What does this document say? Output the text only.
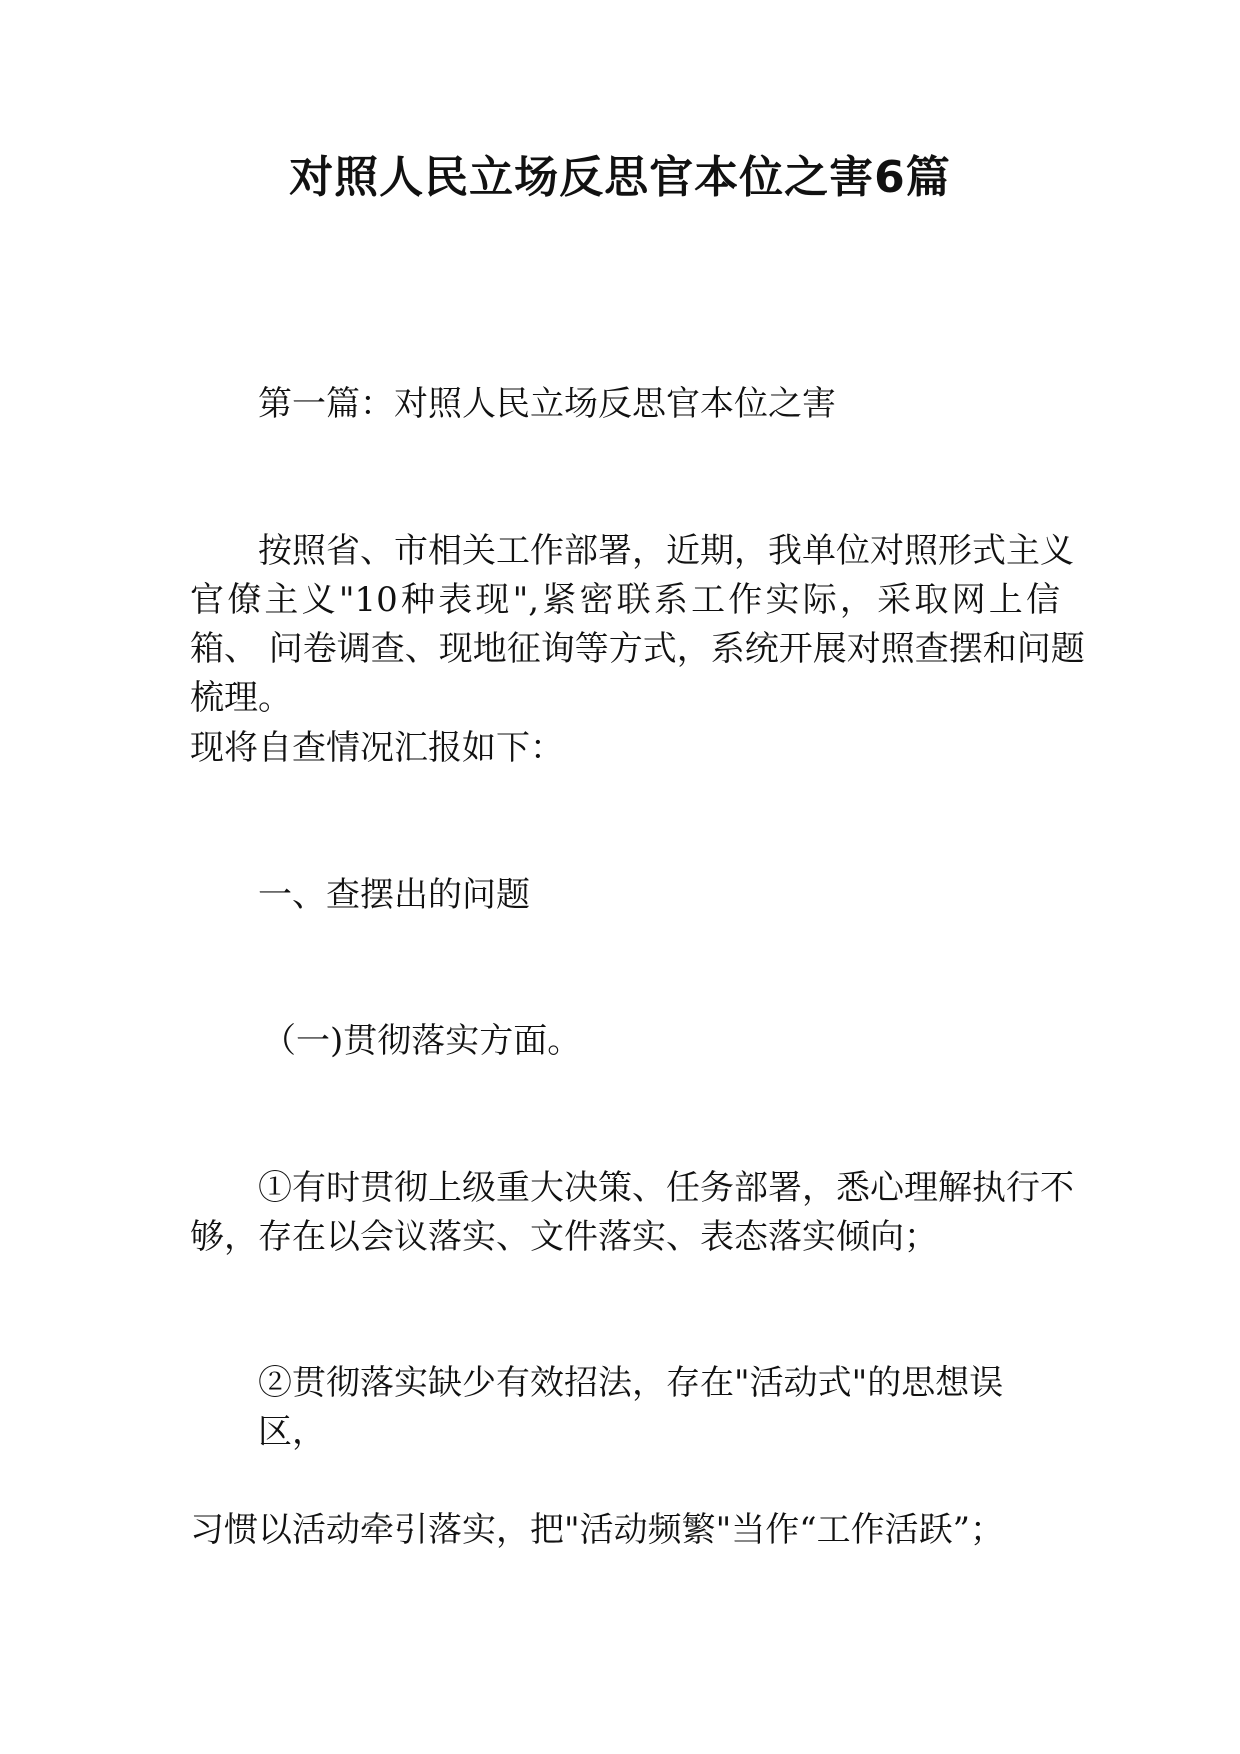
对照人民立场反思官本位之害6篇
第一篇：对照人民立场反思官本位之害
按照省、市相关工作部署，近期，我单位对照形式主义
官僚主义"10种表现",紧密联系工作实际，采取网上信
箱、 问卷调查、现地征询等方式，系统开展对照查摆和问题
梳理。
现将自查情况汇报如下：
一、查摆出的问题
（一)贯彻落实方面。
①有时贯彻上级重大决策、任务部署，悉心理解执行不
够，存在以会议落实、文件落实、表态落实倾向；
②贯彻落实缺少有效招法，存在"活动式"的思想误
区，
习惯以活动牵引落实，把"活动频繁"当作“工作活跃”；
